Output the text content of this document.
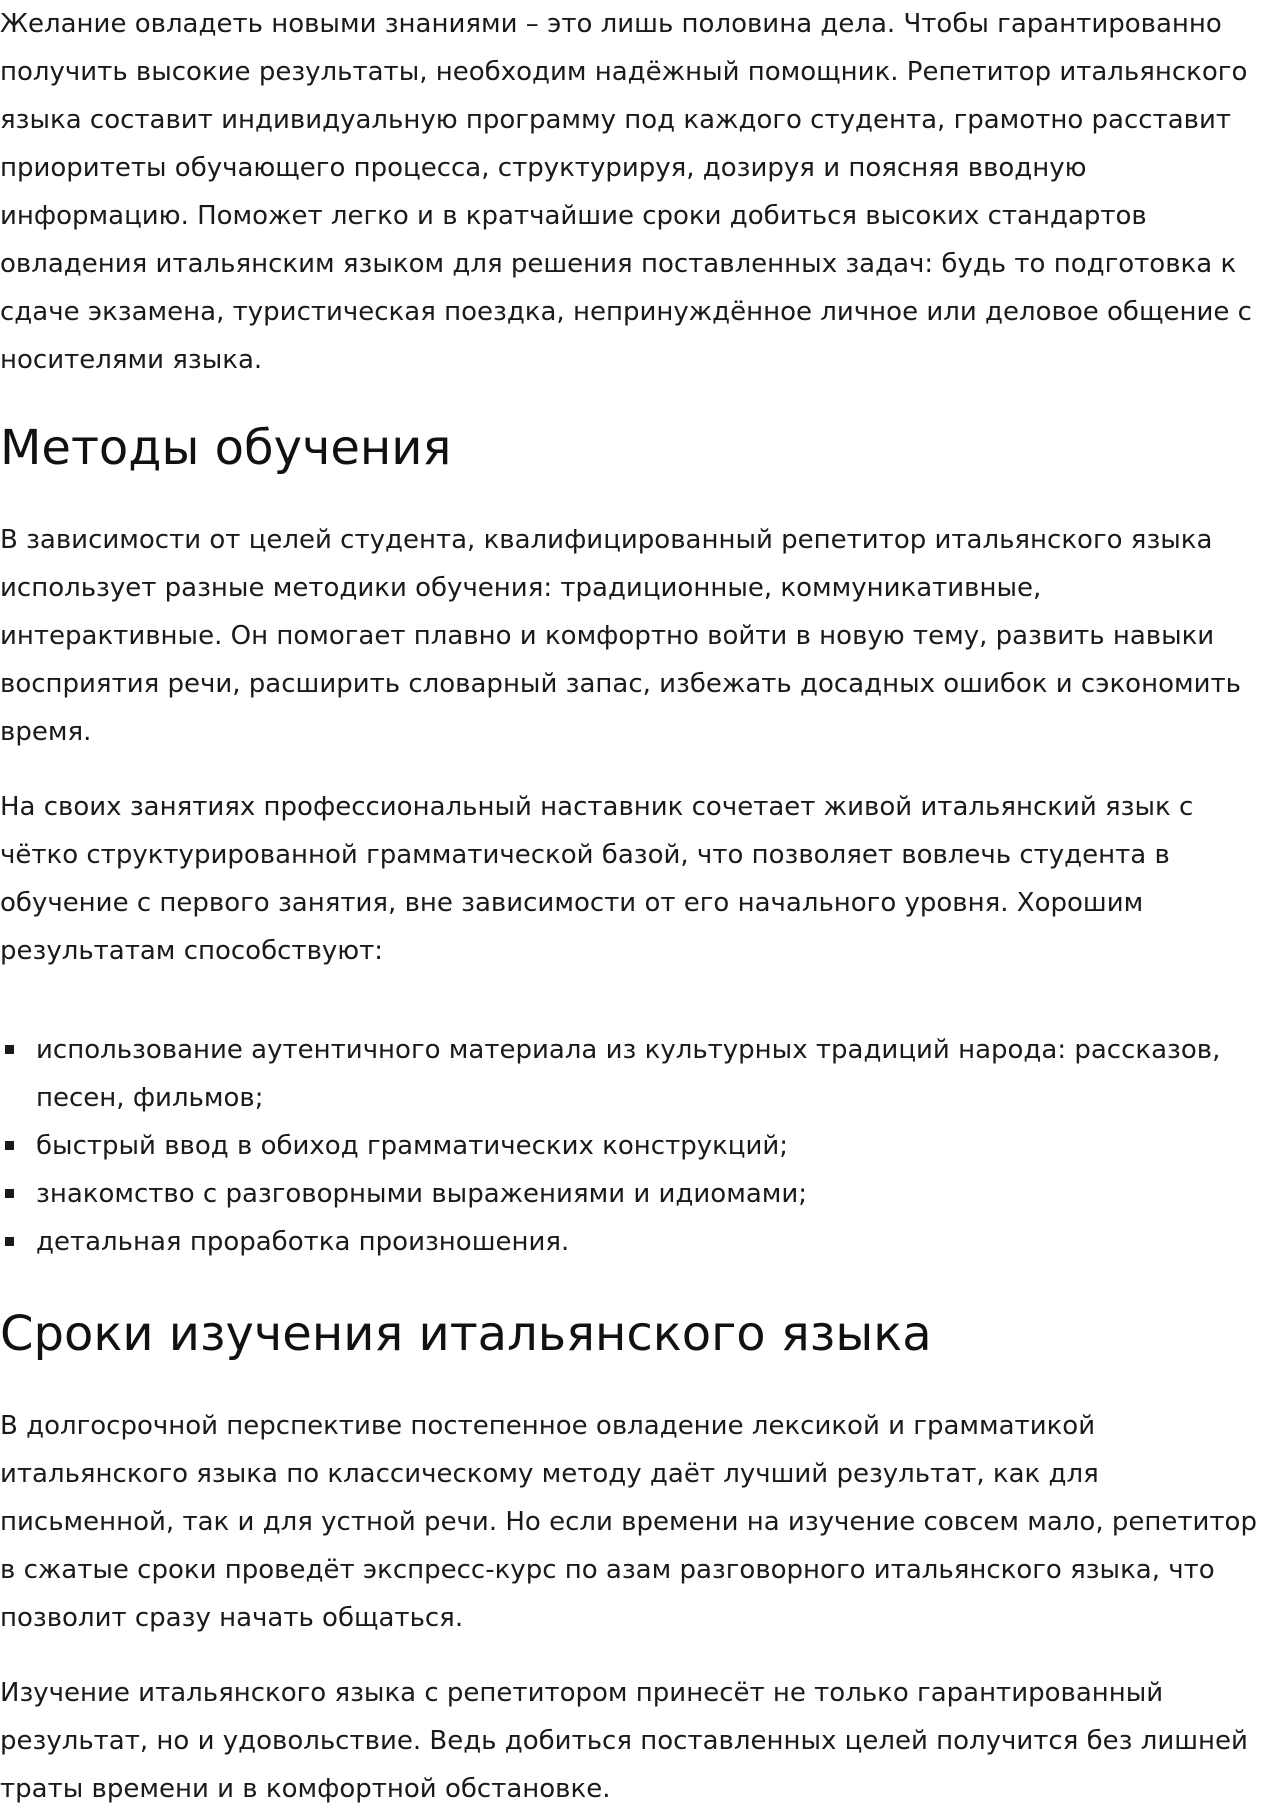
Желание овладеть новыми знаниями – это лишь половина дела. Чтобы гарантированно получить высокие результаты, необходим надёжный помощник. Репетитор итальянского языка составит индивидуальную программу под каждого студента, грамотно расставит приоритеты обучающего процесса, структурируя, дозируя и поясняя вводную информацию. Поможет легко и в кратчайшие сроки добиться высоких стандартов овладения итальянским языком для решения поставленных задач: будь то подготовка к сдаче экзамена, туристическая поездка, непринуждённое личное или деловое общение с носителями языка.

Методы обучения

В зависимости от целей студента, квалифицированный репетитор итальянского языка использует разные методики обучения: традиционные, коммуникативные, интерактивные. Он помогает плавно и комфортно войти в новую тему, развить навыки восприятия речи, расширить словарный запас, избежать досадных ошибок и сэкономить время.

На своих занятиях профессиональный наставник сочетает живой итальянский язык с чётко структурированной грамматической базой, что позволяет вовлечь студента в обучение с первого занятия, вне зависимости от его начального уровня. Хорошим результатам способствуют:

использование аутентичного материала из культурных традиций народа: рассказов, песен, фильмов;
быстрый ввод в обиход грамматических конструкций;
знакомство с разговорными выражениями и идиомами;
детальная проработка произношения.
Сроки изучения итальянского языка

В долгосрочной перспективе постепенное овладение лексикой и грамматикой итальянского языка по классическому методу даёт лучший результат, как для письменной, так и для устной речи. Но если времени на изучение совсем мало, репетитор в сжатые сроки проведёт экспресс-курс по азам разговорного итальянского языка, что позволит сразу начать общаться.

Изучение итальянского языка с репетитором принесёт не только гарантированный результат, но и удовольствие. Ведь добиться поставленных целей получится без лишней траты времени и в комфортной обстановке.
